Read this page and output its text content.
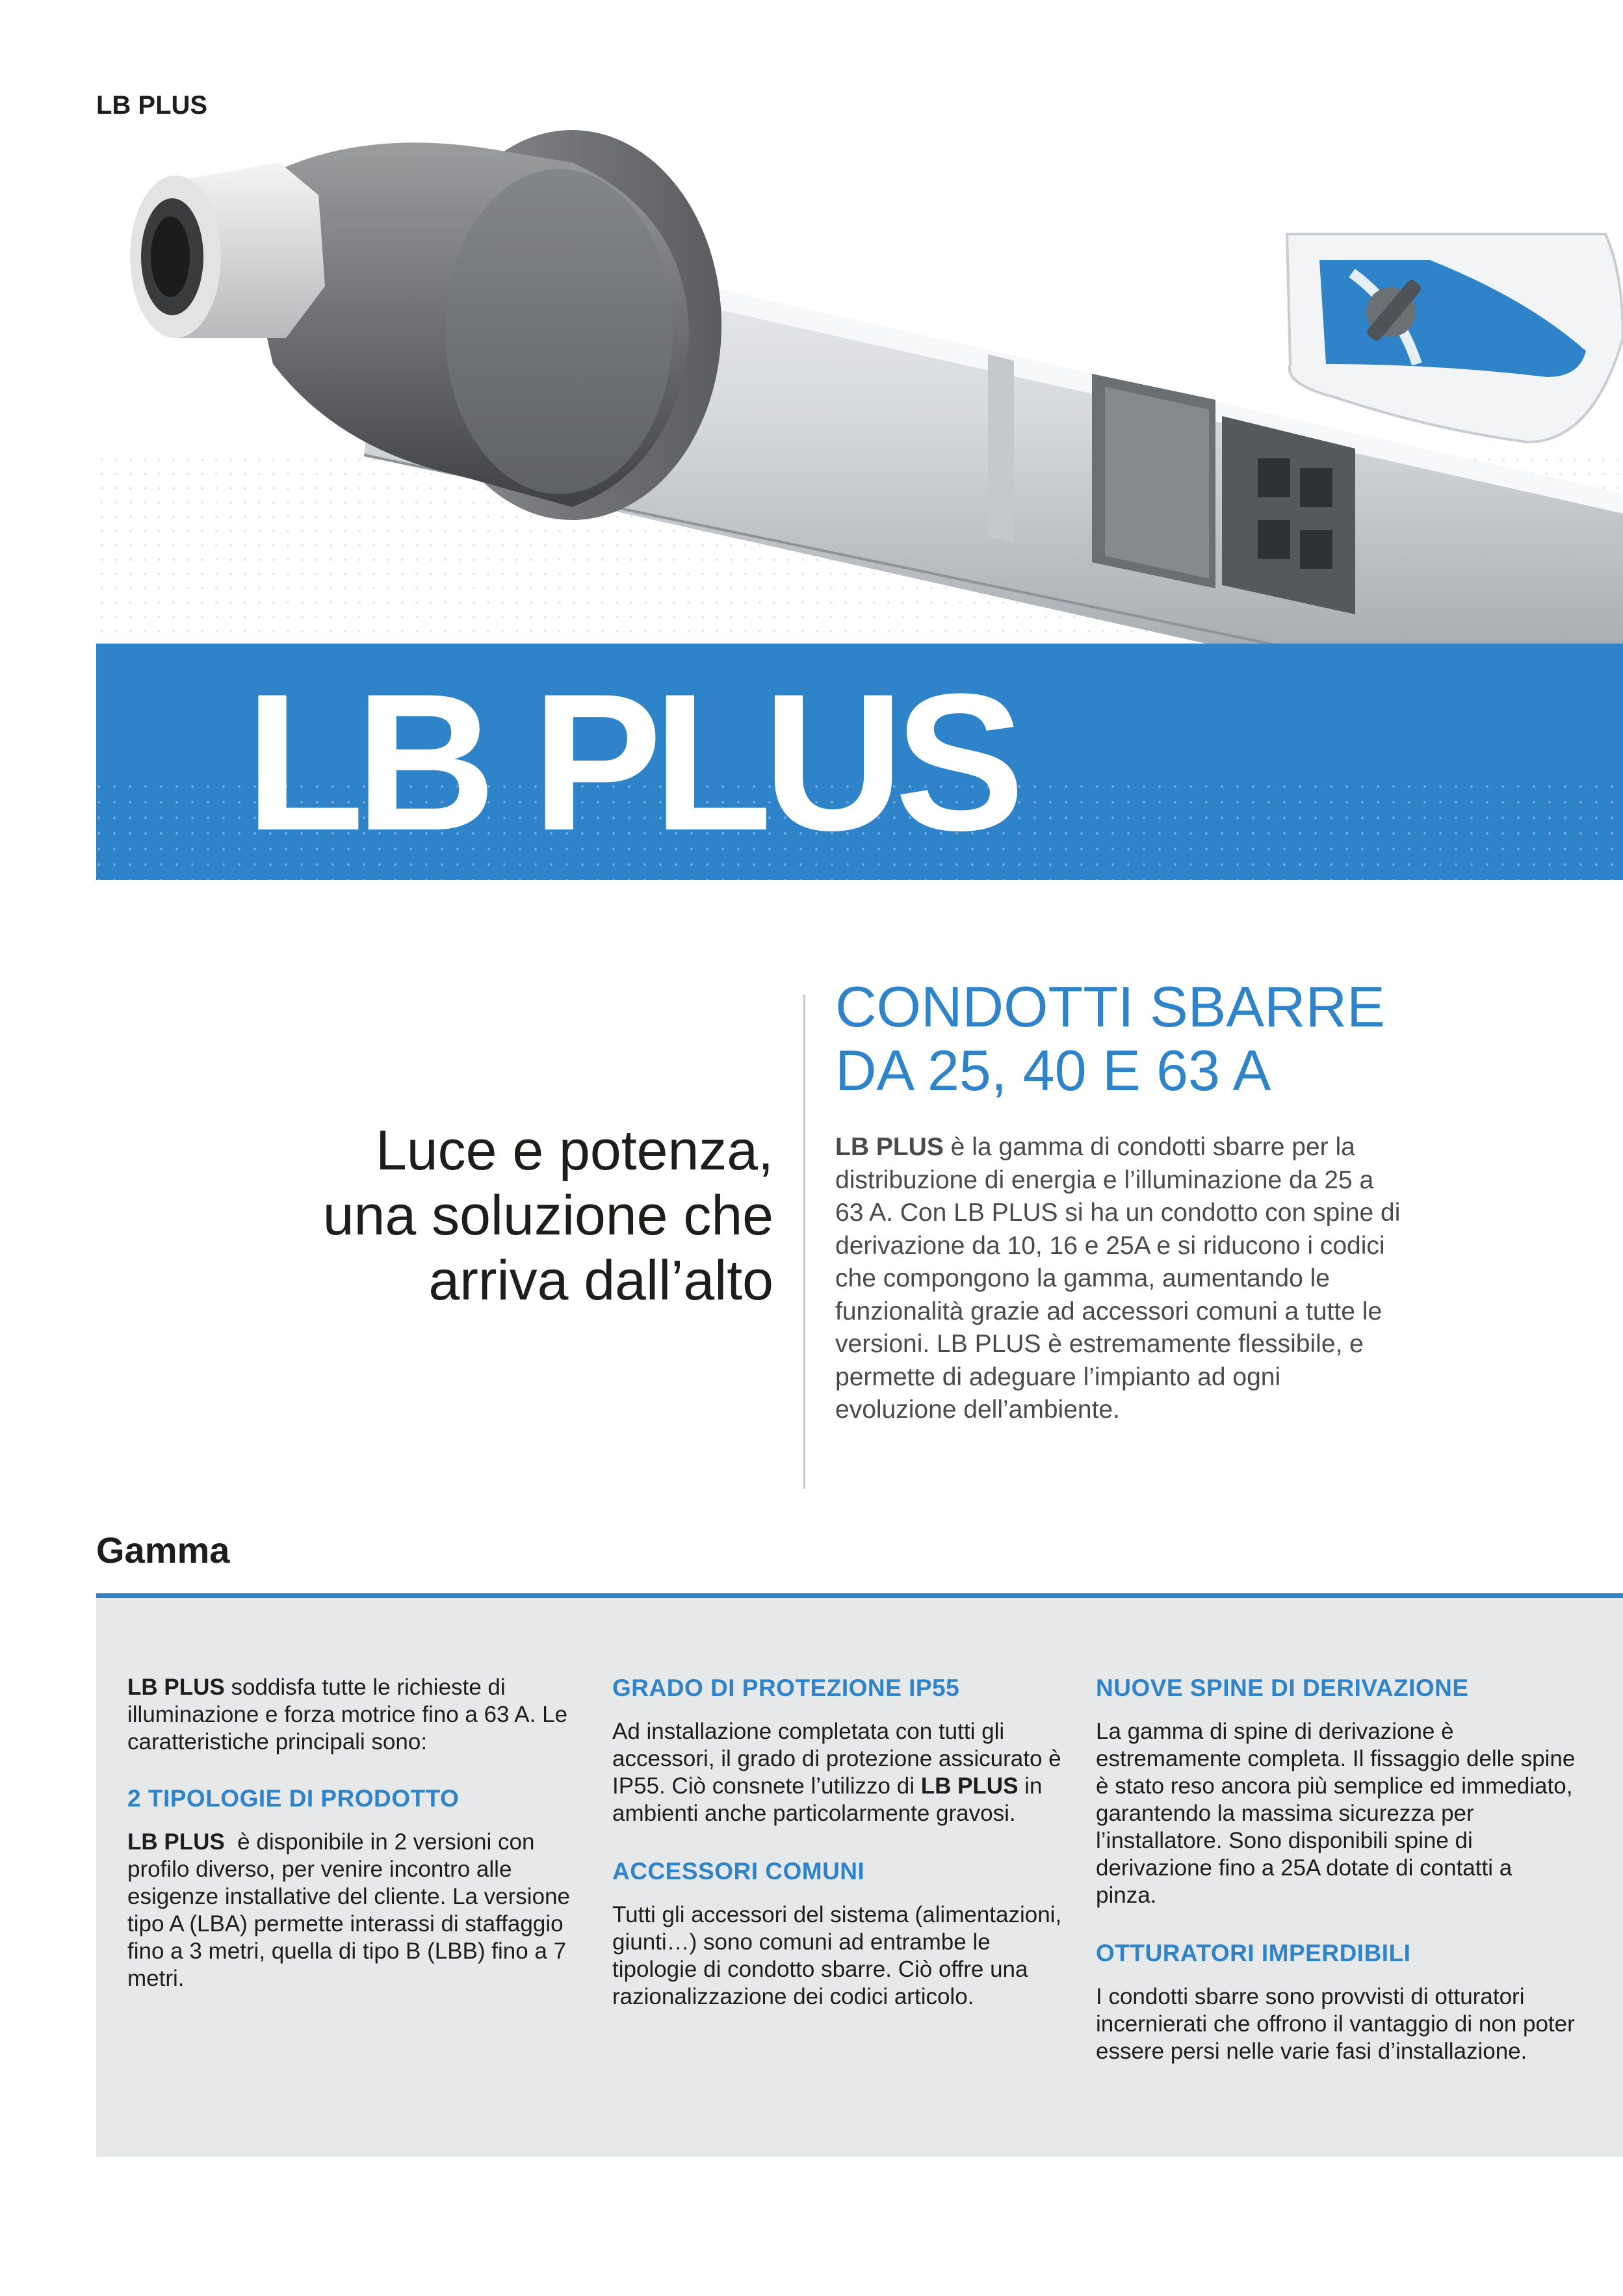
LB PLUS
LB PLUS
Luce e potenza,
una soluzione che
arriva dall’alto
CONDOTTI SBARRE
DA 25, 40 E 63 A
LB PLUS è la gamma di condotti sbarre per la distribuzione di energia e l’illuminazione da 25 a 63 A. Con LB PLUS si ha un condotto con spine di derivazione da 10, 16 e 25A e si riducono i codici che compongono la gamma, aumentando le funzionalità grazie ad accessori comuni a tutte le versioni. LB PLUS è estremamente flessibile, e permette di adeguare l’impianto ad ogni evoluzione dell’ambiente.
Gamma

LB PLUS soddisfa tutte le richieste di illuminazione e forza motrice fino a 63 A. Le caratteristiche principali sono:

2 TIPOLOGIE DI PRODOTTO

LB PLUS  è disponibile in 2 versioni con profilo diverso, per venire incontro alle esigenze installative del cliente. La versione tipo A (LBA) permette interassi di staffaggio fino a 3 metri, quella di tipo B (LBB) fino a 7 metri.

GRADO DI PROTEZIONE IP55

Ad installazione completata con tutti gli accessori, il grado di protezione assicurato è IP55. Ciò consnete l’utilizzo di LB PLUS in ambienti anche particolarmente gravosi.

ACCESSORI COMUNI

Tutti gli accessori del sistema (alimentazioni, giunti…) sono comuni ad entrambe le tipologie di condotto sbarre. Ciò offre una razionalizzazione dei codici articolo.

NUOVE SPINE DI DERIVAZIONE

La gamma di spine di derivazione è estremamente completa. Il fissaggio delle spine è stato reso ancora più semplice ed immediato, garantendo la massima sicurezza per l’installatore. Sono disponibili spine di derivazione fino a 25A dotate di contatti a pinza.

OTTURATORI IMPERDIBILI

I condotti sbarre sono provvisti di otturatori incernierati che offrono il vantaggio di non poter essere persi nelle varie fasi d’installazione.
